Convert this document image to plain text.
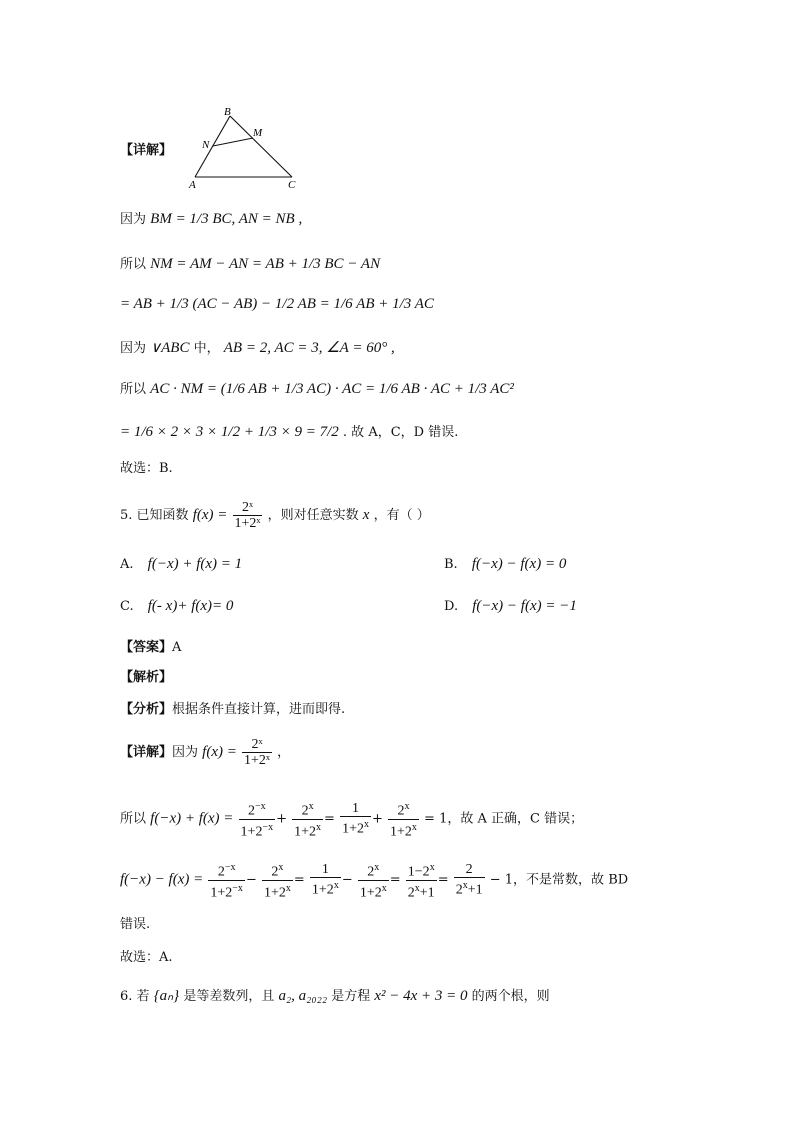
B
M
N
A	C
【详解】
因为 BM = 1/3 BC, AN = NB ,
所以 NM = AM − AN = AB + 1/3 BC − AN
= AB + 1/3 (AC − AB) − 1/2 AB = 1/6 AB + 1/3 AC
因为 ∨ABC 中， AB = 2, AC = 3, ∠A = 60° ,
所以 AC · NM = (1/6 AB + 1/3 AC) · AC = 1/6 AB · AC + 1/3 AC²
= 1/6 × 2 × 3 × 1/2 + 1/3 × 9 = 7/2 . 故 A，C，D 错误.
故选：B.
5. 已知函数 $f(x) = \frac{\text{2ˣ}}{\text{1+2ˣ}}$ ，则对任意实数 x ，有（ ）
A. f(−x) + f(x) = 1	B. f(−x) − f(x) = 0
C. f(- x)+ f(x)= 0	D. f(−x) − f(x) = −1
【答案】A
【解析】
【分析】根据条件直接计算，进而即得.
【详解】因为 $f(x) = \frac{\text{2ˣ}}{\text{1+2ˣ}}$ ，
所以 $f(-x) + f(x) = \frac{2^{-x}}{1+2^{-x}} + \frac{2^x}{1+2^x} = \frac{1}{1+2^x} + \frac{2^x}{1+2^x} = 1$，故 A 正确，C 错误；
$f(-x) - f(x) = \frac{2^{-x}}{1+2^{-x}} - \frac{2^x}{1+2^x} = \frac{1}{1+2^x} - \frac{2^x}{1+2^x} = \frac{1-2^x}{2^x+1} = \frac{2}{2^x+1} - 1$，不是常数，故 BD
错误.
故选：A.
6. 若 {aₙ} 是等差数列，且 a₂, a₂₀₂₂ 是方程 x² − 4x + 3 = 0 的两个根，则
